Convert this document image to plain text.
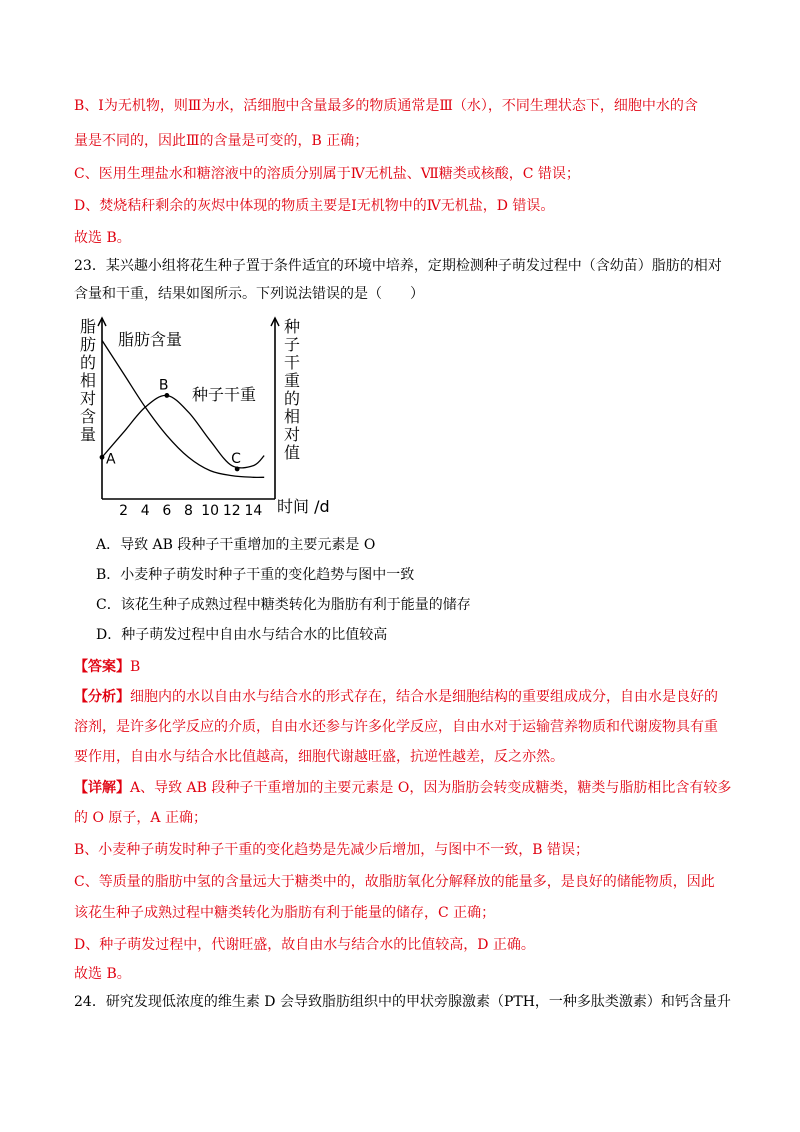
B、Ⅰ为无机物，则Ⅲ为水，活细胞中含量最多的物质通常是Ⅲ（水），不同生理状态下，细胞中水的含
量是不同的，因此Ⅲ的含量是可变的，B 正确；
C、医用生理盐水和糖溶液中的溶质分别属于Ⅳ无机盐、Ⅶ糖类或核酸，C 错误；
D、焚烧秸秆剩余的灰烬中体现的物质主要是Ⅰ无机物中的Ⅳ无机盐，D 错误。
故选 B。
23．某兴趣小组将花生种子置于条件适宜的环境中培养，定期检测种子萌发过程中（含幼苗）脂肪的相对
含量和干重，结果如图所示。下列说法错误的是（　　）
脂肪的相对含量
种子干重的相对值
时间 /d
2 4 6 8 10 12 14
脂肪含量
种子干重
A
B
C
A．导致 AB 段种子干重增加的主要元素是 O
B．小麦种子萌发时种子干重的变化趋势与图中一致
C．该花生种子成熟过程中糖类转化为脂肪有利于能量的储存
D．种子萌发过程中自由水与结合水的比值较高
【答案】B
【分析】细胞内的水以自由水与结合水的形式存在，结合水是细胞结构的重要组成成分，自由水是良好的
溶剂，是许多化学反应的介质，自由水还参与许多化学反应，自由水对于运输营养物质和代谢废物具有重
要作用，自由水与结合水比值越高，细胞代谢越旺盛，抗逆性越差，反之亦然。
【详解】A、导致 AB 段种子干重增加的主要元素是 O，因为脂肪会转变成糖类，糖类与脂肪相比含有较多
的 O 原子，A 正确；
B、小麦种子萌发时种子干重的变化趋势是先减少后增加，与图中不一致，B 错误；
C、等质量的脂肪中氢的含量远大于糖类中的，故脂肪氧化分解释放的能量多，是良好的储能物质，因此
该花生种子成熟过程中糖类转化为脂肪有利于能量的储存，C 正确；
D、种子萌发过程中，代谢旺盛，故自由水与结合水的比值较高，D 正确。
故选 B。
24．研究发现低浓度的维生素 D 会导致脂肪组织中的甲状旁腺激素（PTH，一种多肽类激素）和钙含量升
